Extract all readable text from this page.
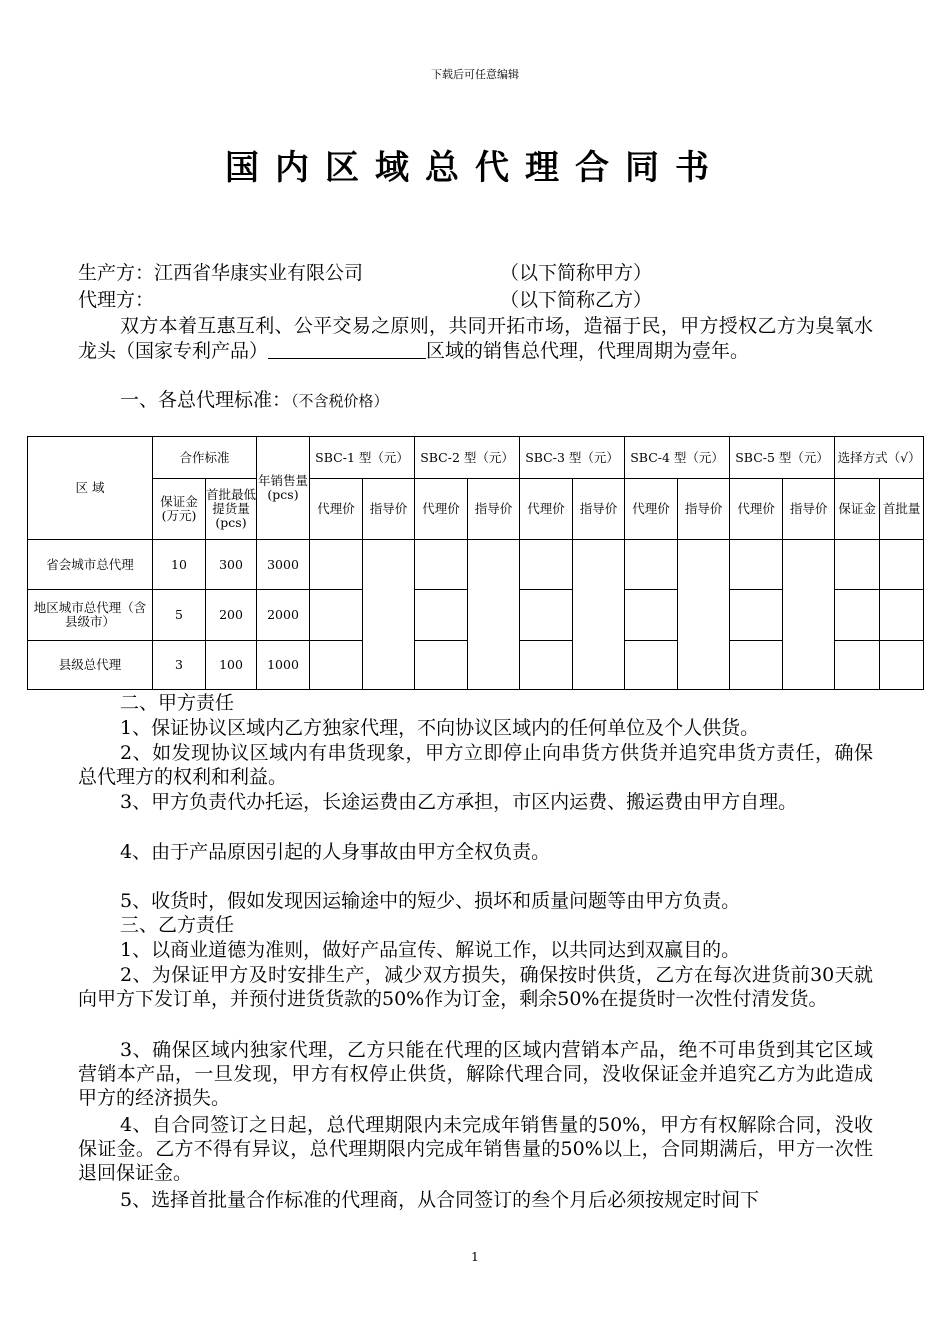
下载后可任意编辑
国内区域总代理合同书
生产方：江西省华康实业有限公司	（以下简称甲方）
代理方：	（以下简称乙方）
双方本着互惠互利、公平交易之原则，共同开拓市场，造福于民，甲方授权乙方为臭氧水龙头（国家专利产品）	区域的销售总代理，代理周期为壹年。
一、各总代理标准：（不含税价格）
区 域	合作标准		年销售量(pcs)	SBC-1 型（元）		SBC-2 型（元）		SBC-3 型（元）		SBC-4 型（元）		SBC-5 型（元）		选择方式（√）	
	保证金(万元)	首批最低提货量(pcs)		代理价	指导价	代理价	指导价	代理价	指导价	代理价	指导价	代理价	指导价	保证金	首批量
省会城市总代理	10	300	3000												
地区城市总代理（含县级市）	5	200	2000												
县级总代理	3	100	1000												
二、甲方责任
1、保证协议区域内乙方独家代理，不向协议区域内的任何单位及个人供货。
2、如发现协议区域内有串货现象，甲方立即停止向串货方供货并追究串货方责任，确保总代理方的权利和利益。
3、甲方负责代办托运，长途运费由乙方承担，市区内运费、搬运费由甲方自理。
4、由于产品原因引起的人身事故由甲方全权负责。
5、收货时，假如发现因运输途中的短少、损坏和质量问题等由甲方负责。
三、乙方责任
1、以商业道德为准则，做好产品宣传、解说工作，以共同达到双赢目的。
2、为保证甲方及时安排生产，减少双方损失，确保按时供货，乙方在每次进货前30天就向甲方下发订单，并预付进货货款的50%作为订金，剩余50%在提货时一次性付清发货。
3、确保区域内独家代理，乙方只能在代理的区域内营销本产品，绝不可串货到其它区域营销本产品，一旦发现，甲方有权停止供货，解除代理合同，没收保证金并追究乙方为此造成甲方的经济损失。
4、自合同签订之日起，总代理期限内未完成年销售量的50%，甲方有权解除合同，没收保证金。乙方不得有异议，总代理期限内完成年销售量的50%以上，合同期满后，甲方一次性退回保证金。
5、选择首批量合作标准的代理商，从合同签订的叁个月后必须按规定时间下
1
